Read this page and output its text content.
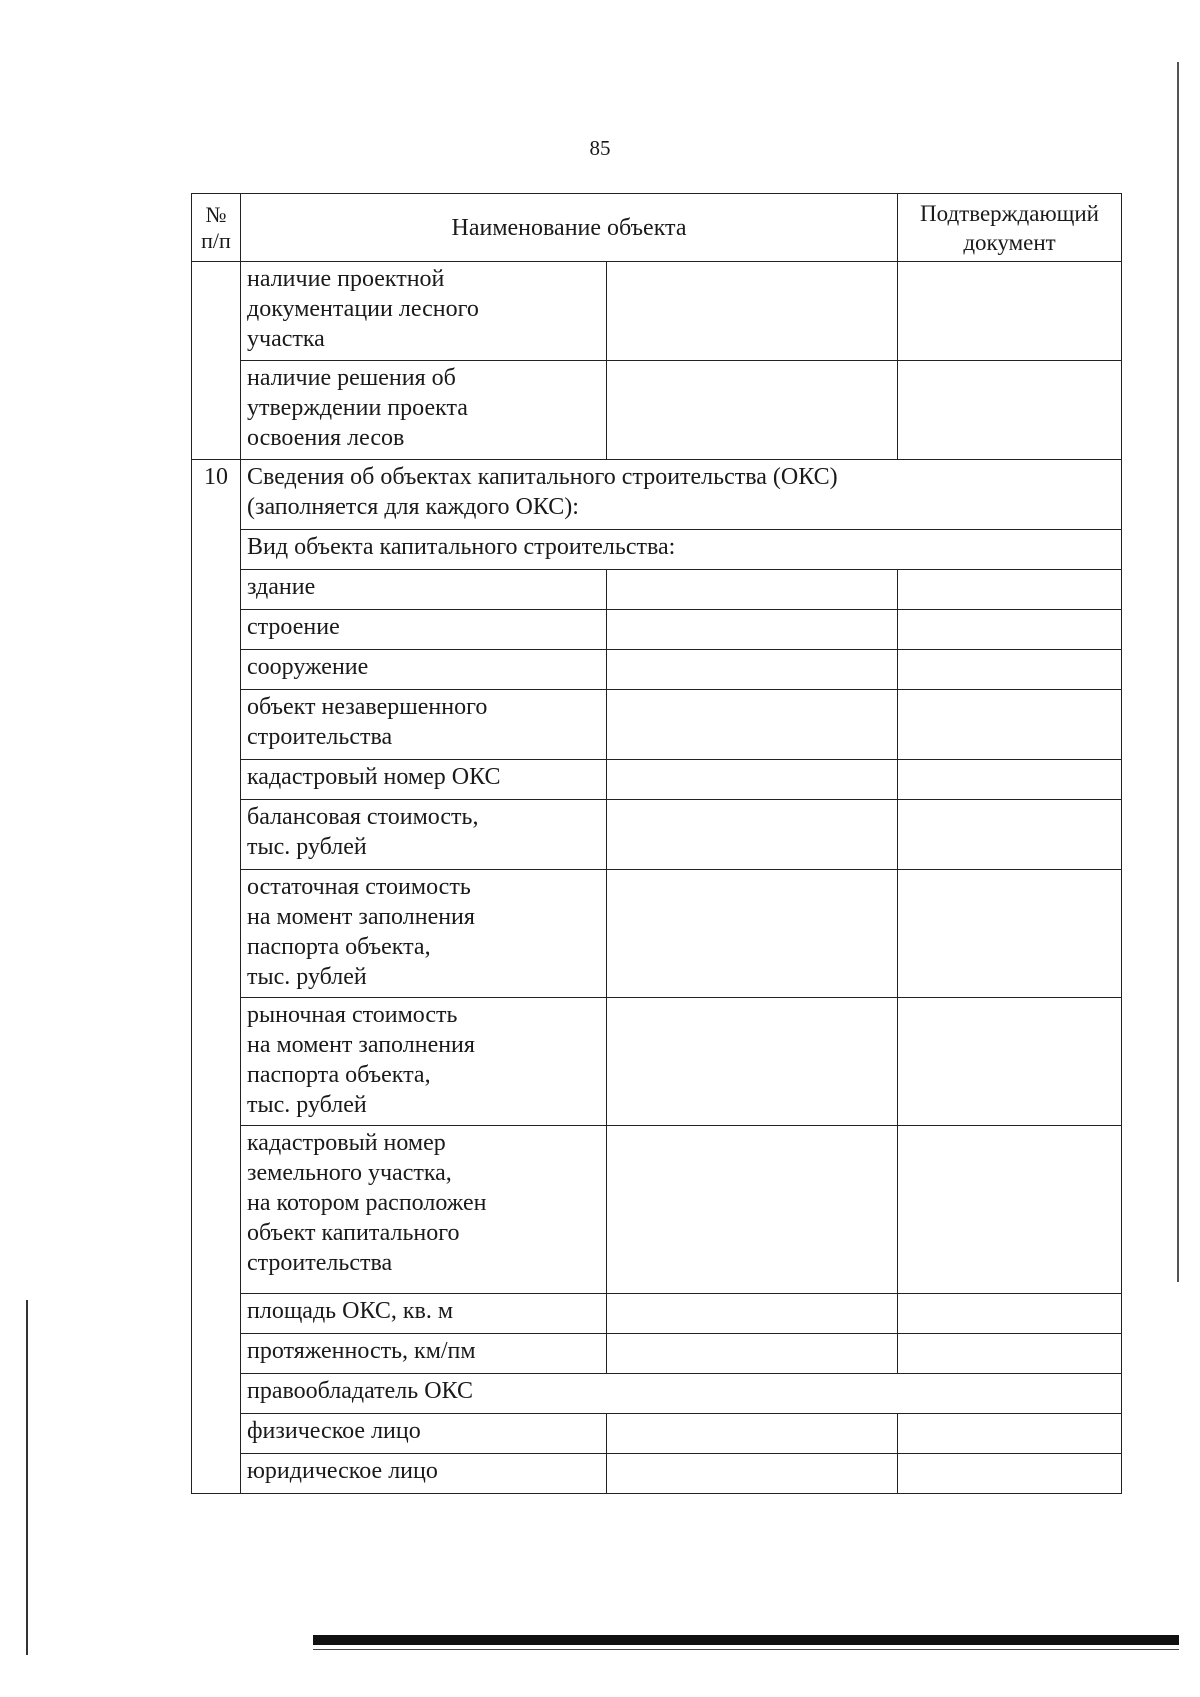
85
№
п/п	Наименование объекта		Подтверждающий документ
	наличие проектной
документации лесного
участка		
	наличие решения об
утверждении проекта
освоения лесов		
10	Сведения об объектах капитального строительства (ОКС)
(заполняется для каждого ОКС):		
	Вид объекта капитального строительства:		
	здание		
	строение		
	сооружение		
	объект незавершенного
строительства		
	кадастровый номер ОКС		
	балансовая стоимость,
тыс. рублей		
	остаточная стоимость
на момент заполнения
паспорта объекта,
тыс. рублей		
	рыночная стоимость
на момент заполнения
паспорта объекта,
тыс. рублей		
	кадастровый номер
земельного участка,
на котором расположен
объект капитального
строительства		
	площадь ОКС, кв. м		
	протяженность, км/пм		
	правообладатель ОКС		
	физическое лицо		
	юридическое лицо		
